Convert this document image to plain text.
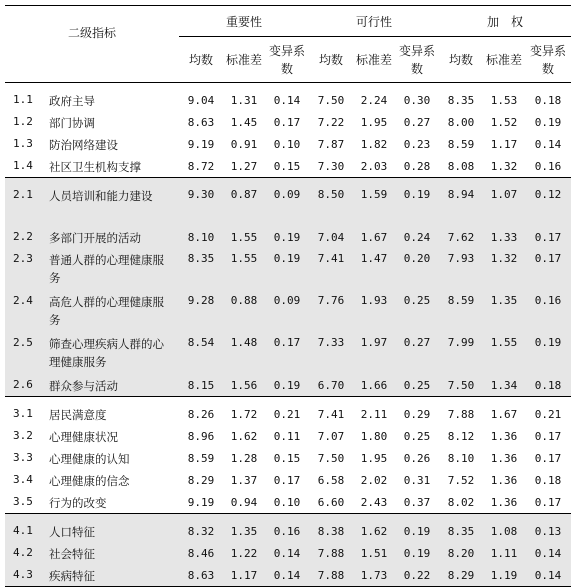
二级指标		重要性			可行性			加　权		
		均数	标准差	变异系数	均数	标准差	变异系数	均数	标准差	变异系数

1.1	政府主导	9.04	1.31	0.14	7.50	2.24	0.30	8.35	1.53	0.18
1.2	部门协调	8.63	1.45	0.17	7.22	1.95	0.27	8.00	1.52	0.19
1.3	防治网络建设	9.19	0.91	0.10	7.87	1.82	0.23	8.59	1.17	0.14
1.4	社区卫生机构支撑	8.72	1.27	0.15	7.30	2.03	0.28	8.08	1.32	0.16

2.1	人员培训和能力建设	9.30	0.87	0.09	8.50	1.59	0.19	8.94	1.07	0.12
2.2	多部门开展的活动	8.10	1.55	0.19	7.04	1.67	0.24	7.62	1.33	0.17
2.3	普通人群的心理健康服务	8.35	1.55	0.19	7.41	1.47	0.20	7.93	1.32	0.17
2.4	高危人群的心理健康服务	9.28	0.88	0.09	7.76	1.93	0.25	8.59	1.35	0.16
2.5	筛查心理疾病人群的心理健康服务	8.54	1.48	0.17	7.33	1.97	0.27	7.99	1.55	0.19
2.6	群众参与活动	8.15	1.56	0.19	6.70	1.66	0.25	7.50	1.34	0.18

3.1	居民满意度	8.26	1.72	0.21	7.41	2.11	0.29	7.88	1.67	0.21
3.2	心理健康状况	8.96	1.62	0.11	7.07	1.80	0.25	8.12	1.36	0.17
3.3	心理健康的认知	8.59	1.28	0.15	7.50	1.95	0.26	8.10	1.36	0.17
3.4	心理健康的信念	8.29	1.37	0.17	6.58	2.02	0.31	7.52	1.36	0.18
3.5	行为的改变	9.19	0.94	0.10	6.60	2.43	0.37	8.02	1.36	0.17

4.1	人口特征	8.32	1.35	0.16	8.38	1.62	0.19	8.35	1.08	0.13
4.2	社会特征	8.46	1.22	0.14	7.88	1.51	0.19	8.20	1.11	0.14
4.3	疾病特征	8.63	1.17	0.14	7.88	1.73	0.22	8.29	1.19	0.14
